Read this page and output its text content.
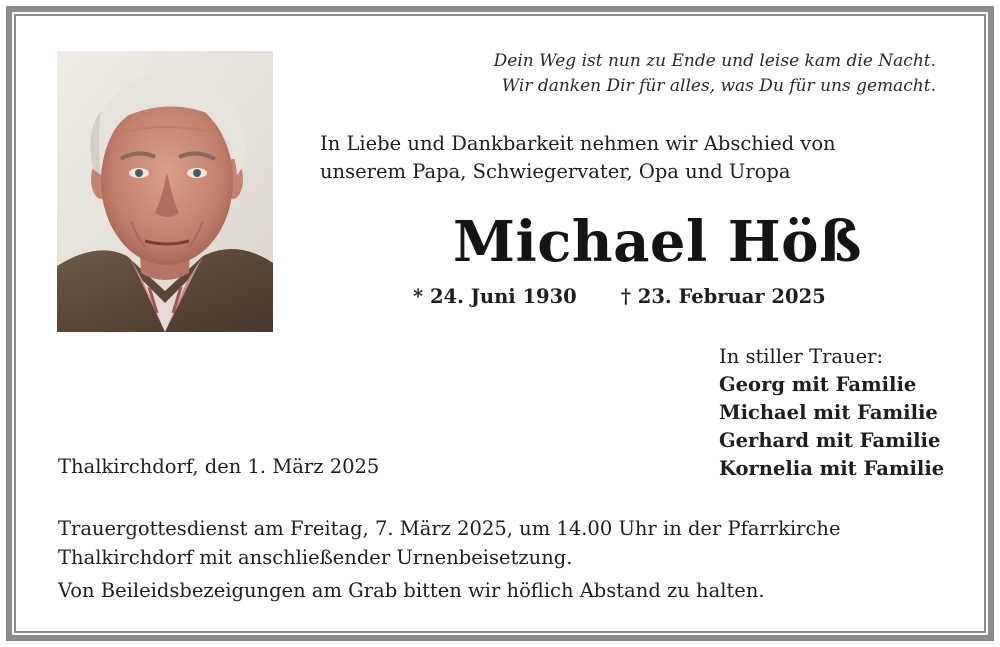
Dein Weg ist nun zu Ende und leise kam die Nacht.
Wir danken Dir für alles, was Du für uns gemacht.
In Liebe und Dankbarkeit nehmen wir Abschied von
unserem Papa, Schwiegervater, Opa und Uropa
Michael Höß
* 24. Juni 1930 † 23. Februar 2025
In stiller Trauer:
Georg mit Familie
Michael mit Familie
Gerhard mit Familie
Kornelia mit Familie
Thalkirchdorf, den 1. März 2025
Trauergottesdienst am Freitag, 7. März 2025, um 14.00 Uhr in der Pfarrkirche
Thalkirchdorf mit anschließender Urnenbeisetzung.
Von Beileidsbezeigungen am Grab bitten wir höflich Abstand zu halten.
